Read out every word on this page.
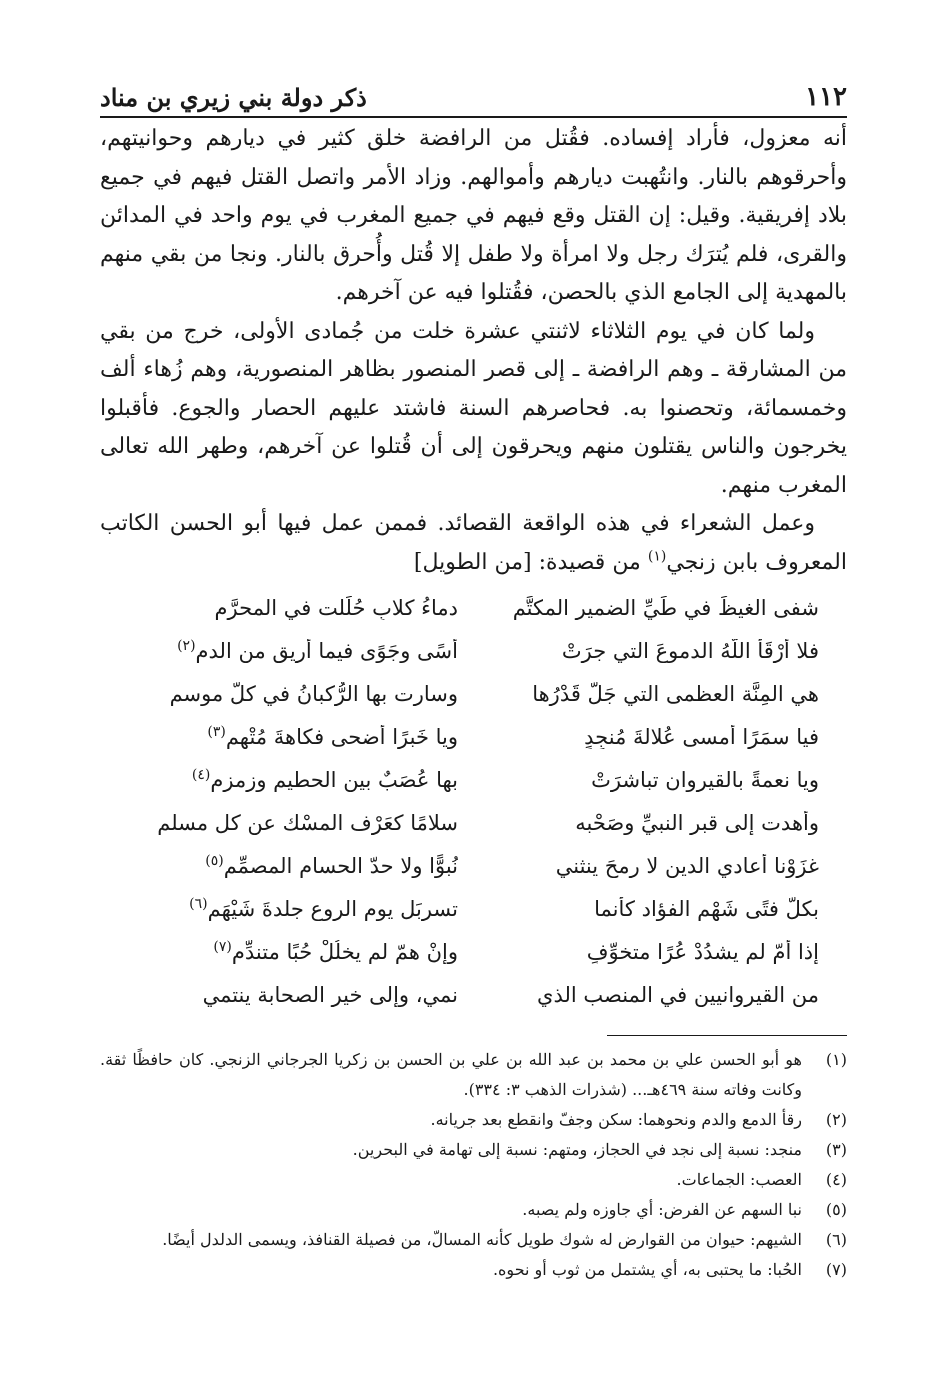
١١٢
ذكر دولة بني زيري بن مناد

أنه معزول، فأراد إفساده. فقُتل من الرافضة خلق كثير في ديارهم وحوانيتهم، وأحرقوهم بالنار. وانتُهبت ديارهم وأموالهم. وزاد الأمر واتصل القتل فيهم في جميع بلاد إفريقية. وقيل: إن القتل وقع فيهم في جميع المغرب في يوم واحد في المدائن والقرى، فلم يُترَك رجل ولا امرأة ولا طفل إلا قُتل وأُحرق بالنار. ونجا من بقي منهم بالمهدية إلى الجامع الذي بالحصن، فقُتلوا فيه عن آخرهم.

ولما كان في يوم الثلاثاء لاثنتي عشرة خلت من جُمادى الأولى، خرج من بقي من المشارقة ـ وهم الرافضة ـ إلى قصر المنصور بظاهر المنصورية، وهم زُهاء ألف وخمسمائة، وتحصنوا به. فحاصرهم السنة فاشتد عليهم الحصار والجوع. فأقبلوا يخرجون والناس يقتلون منهم ويحرقون إلى أن قُتلوا عن آخرهم، وطهر الله تعالى المغرب منهم.

وعمل الشعراء في هذه الواقعة القصائد. فممن عمل فيها أبو الحسن الكاتب المعروف بابن زنجي$^{(١)}$ من قصيدة: [من الطويل]

شفى الغيظَ في طَيِّ الضميرِ المكتَّمِ
دماءُ كلابٍ حُلِّلت في المحرَّمِ
فلا أرْقَأ اللّهُ الدموعَ التي جرَتْ
أسًى وجَوًى فيما أُريق من الدمِ$^{(٢)}$
هي المِنَّة العظمى التي جَلَّ قَدْرُها
وسارت بها الرُّكبانُ في كلّ موسمِ
فيا سمَرًا أمسى عُلالةَ مُنجِدٍ
ويا خَبرًا أضحى فكاهةَ مُتْهِمِ$^{(٣)}$
ويا نعمةً بالقيروان تباشرَتْ
بها عُصَبٌ بين الحطيم وزمزمِ$^{(٤)}$
وأهدت إلى قبر النبيِّ وصَحْبه
سلامًا كعَرْف المسْك عن كل مسلمِ
غزَوْنا أعادي الدين لا رمحَ ينثني
نُبوًّا ولا حدّ الحسام المصمِّمِ$^{(٥)}$
بكلّ فتًى شَهْمِ الفؤاد كأنما
تسربَل يوم الروع جلدةَ شَيْهَمِ$^{(٦)}$
إذا أمّ لم يشدُدْ عُرًا متخوِّفٍ
وإنْ همّ لم يخلُلْ حُبًا متندِّمِ$^{(٧)}$
من القيروانيين في المنصب الذي
نمي، وإلى خير الصحابة ينتمي
(١)
هو أبو الحسن علي بن محمد بن عبد الله بن علي بن الحسن بن زكريا الجرجاني الزنجي. كان حافظًا ثقة. وكانت وفاته سنة ٤٦٩هـ... (شذرات الذهب ٣: ٣٣٤).
(٢)
رقأ الدمع والدم ونحوهما: سكن وجفّ وانقطع بعد جريانه.
(٣)
منجد: نسبة إلى نجد في الحجاز، ومتهم: نسبة إلى تهامة في البحرين.
(٤)
العصب: الجماعات.
(٥)
نبا السهم عن الفرض: أي جاوزه ولم يصبه.
(٦)
الشيهم: حيوان من القوارض له شوك طويل كأنه المسالّ، من فصيلة القنافذ، ويسمى الدلدل أيضًا.
(٧)
الحُبا: ما يحتبى به، أي يشتمل من ثوب أو نحوه.
